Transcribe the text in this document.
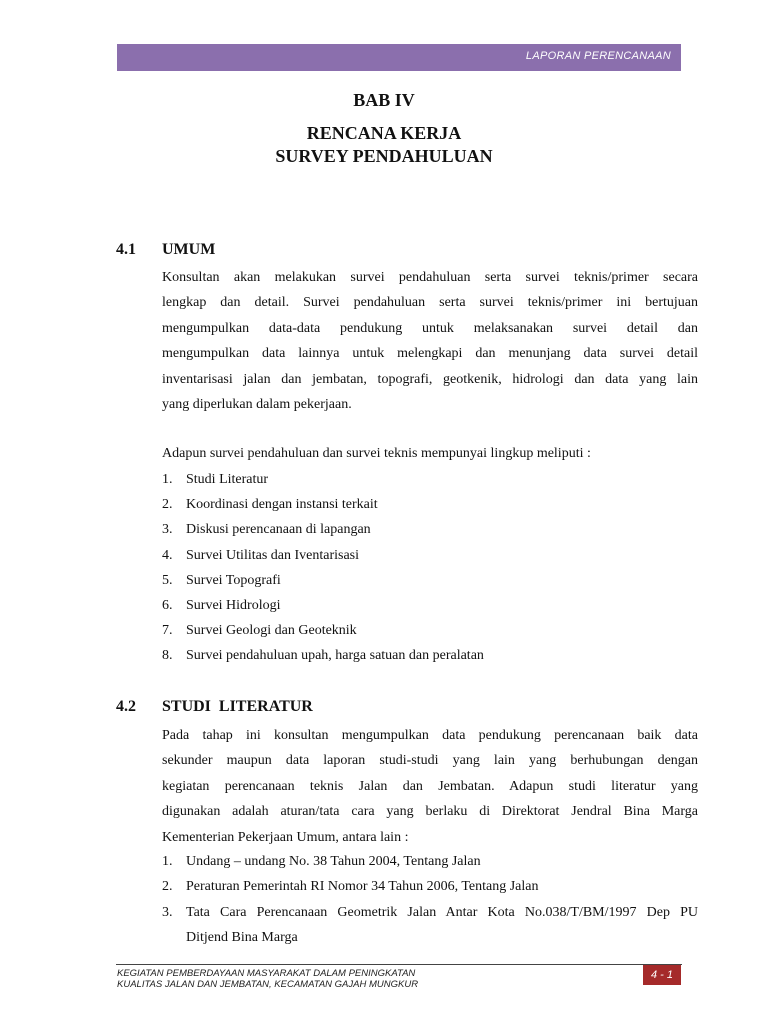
LAPORAN PERENCANAAN
BAB IV
RENCANA KERJA
SURVEY PENDAHULUAN
4.1 UMUM
Konsultan akan melakukan survei pendahuluan serta survei teknis/primer secara
lengkap dan detail. Survei pendahuluan serta survei teknis/primer ini bertujuan
mengumpulkan data-data pendukung untuk melaksanakan survei detail dan
mengumpulkan data lainnya untuk melengkapi dan menunjang data survei detail
inventarisasi jalan dan jembatan, topografi, geotkenik, hidrologi dan data yang lain
yang diperlukan dalam pekerjaan.
Adapun survei pendahuluan dan survei teknis mempunyai lingkup meliputi :
1. Studi Literatur
2. Koordinasi dengan instansi terkait
3. Diskusi perencanaan di lapangan
4. Survei Utilitas dan Iventarisasi
5. Survei Topografi
6. Survei Hidrologi
7. Survei Geologi dan Geoteknik
8. Survei pendahuluan upah, harga satuan dan peralatan
4.2 STUDI  LITERATUR
Pada tahap ini konsultan mengumpulkan data pendukung perencanaan baik data
sekunder maupun data laporan studi-studi yang lain yang berhubungan dengan
kegiatan perencanaan teknis Jalan dan Jembatan. Adapun studi literatur yang
digunakan adalah aturan/tata cara yang berlaku di Direktorat Jendral Bina Marga
Kementerian Pekerjaan Umum, antara lain :
1. Undang – undang No. 38 Tahun 2004, Tentang Jalan
2. Peraturan Pemerintah RI Nomor 34 Tahun 2006, Tentang Jalan
3. Tata Cara Perencanaan Geometrik Jalan Antar Kota No.038/T/BM/1997 Dep PU
Ditjend Bina Marga
KEGIATAN PEMBERDAYAAN MASYARAKAT DALAM PENINGKATAN
KUALITAS JALAN DAN JEMBATAN, KECAMATAN GAJAH MUNGKUR
4 - 1
